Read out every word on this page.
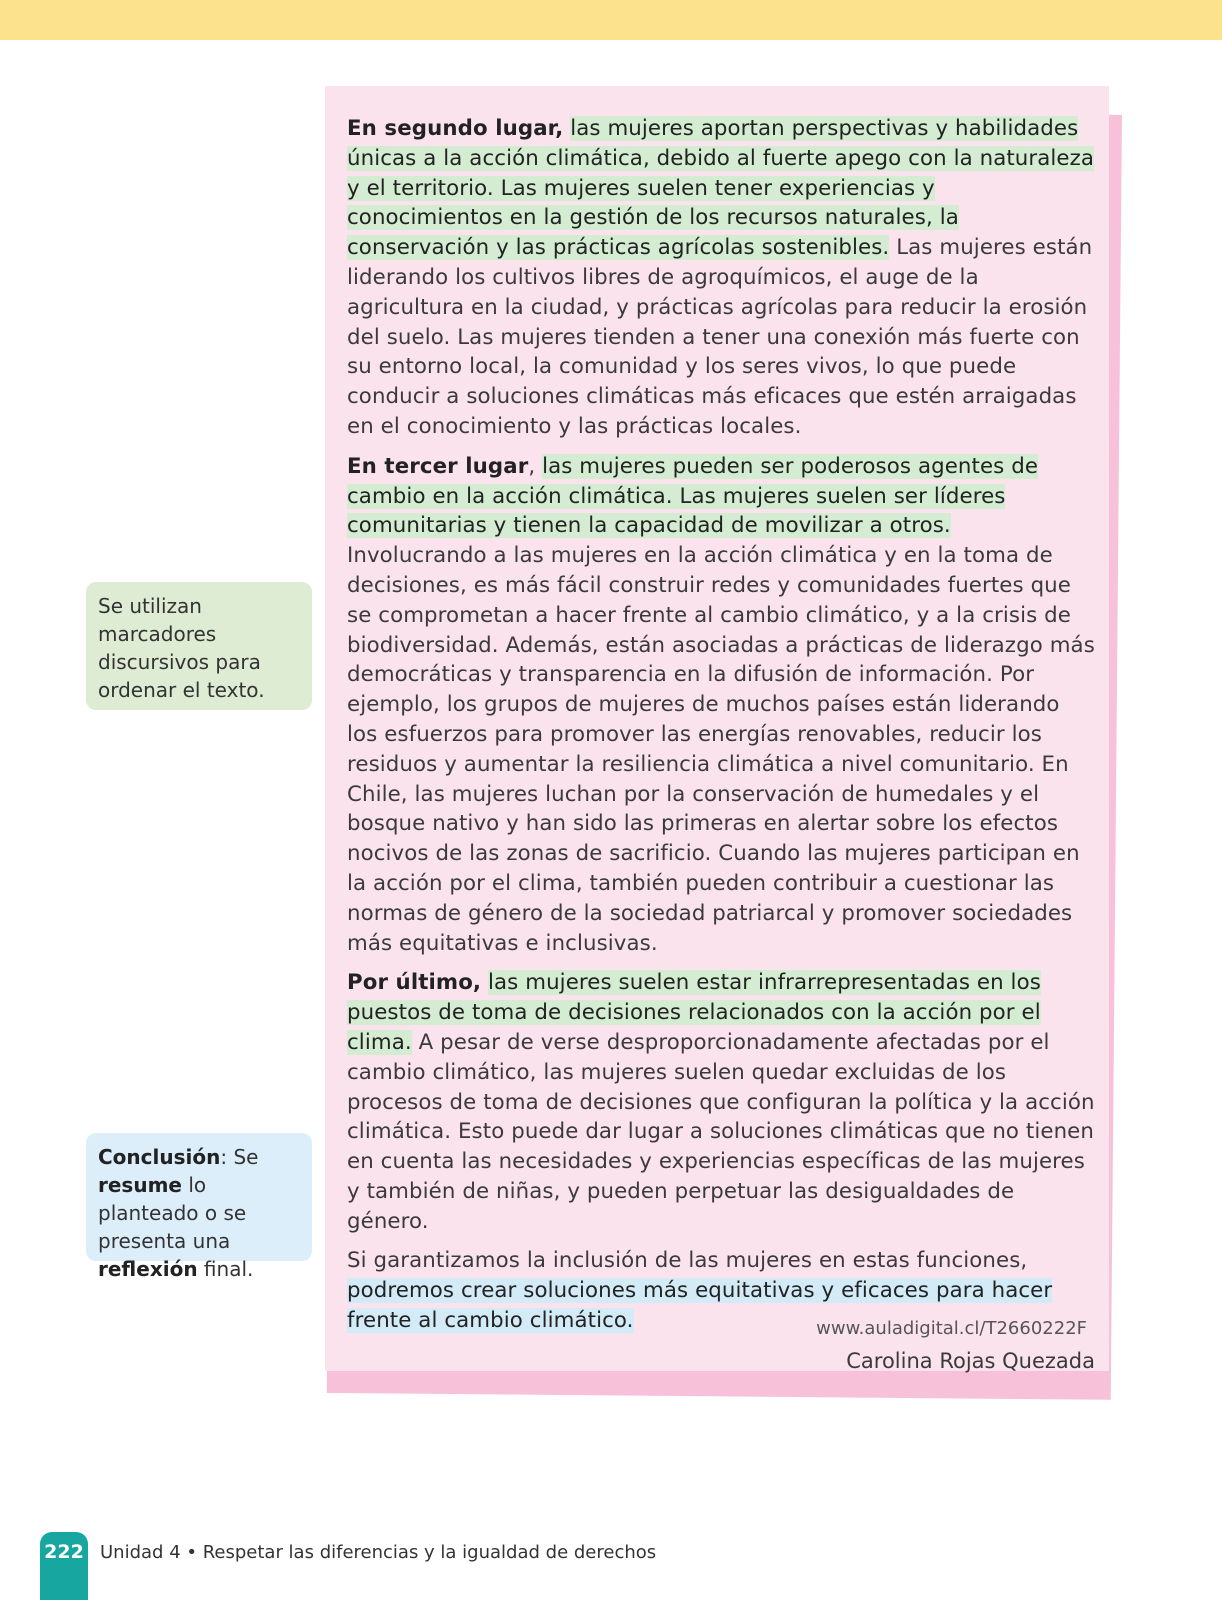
En segundo lugar, las mujeres aportan perspectivas y habilidades únicas a la acción climática, debido al fuerte apego con la naturaleza y el territorio. Las mujeres suelen tener experiencias y conocimientos en la gestión de los recursos naturales, la conservación y las prácticas agrícolas sostenibles. Las mujeres están liderando los cultivos libres de agroquímicos, el auge de la agricultura en la ciudad, y prácticas agrícolas para reducir la erosión del suelo. Las mujeres tienden a tener una conexión más fuerte con su entorno local, la comunidad y los seres vivos, lo que puede conducir a soluciones climáticas más eficaces que estén arraigadas en el conocimiento y las prácticas locales.

En tercer lugar, las mujeres pueden ser poderosos agentes de cambio en la acción climática. Las mujeres suelen ser líderes comunitarias y tienen la capacidad de movilizar a otros. Involucrando a las mujeres en la acción climática y en la toma de decisiones, es más fácil construir redes y comunidades fuertes que se comprometan a hacer frente al cambio climático, y a la crisis de biodiversidad. Además, están asociadas a prácticas de liderazgo más democráticas y transparencia en la difusión de información. Por ejemplo, los grupos de mujeres de muchos países están liderando los esfuerzos para promover las energías renovables, reducir los residuos y aumentar la resiliencia climática a nivel comunitario. En Chile, las mujeres luchan por la conservación de humedales y el bosque nativo y han sido las primeras en alertar sobre los efectos nocivos de las zonas de sacrificio. Cuando las mujeres participan en la acción por el clima, también pueden contribuir a cuestionar las normas de género de la sociedad patriarcal y promover sociedades más equitativas e inclusivas.

Por último, las mujeres suelen estar infrarrepresentadas en los puestos de toma de decisiones relacionados con la acción por el clima. A pesar de verse desproporcionadamente afectadas por el cambio climático, las mujeres suelen quedar excluidas de los procesos de toma de decisiones que configuran la política y la acción climática. Esto puede dar lugar a soluciones climáticas que no tienen en cuenta las necesidades y experiencias específicas de las mujeres y también de niñas, y pueden perpetuar las desigualdades de género.

Si garantizamos la inclusión de las mujeres en estas funciones, podremos crear soluciones más equitativas y eficaces para hacer frente al cambio climático.

Carolina Rojas Quezada
www.auladigital.cl/T2660222F
Se utilizan marcadores discursivos para ordenar el texto.
Conclusión: Se resume lo planteado o se presenta una reflexión final.
222 Unidad 4 • Respetar las diferencias y la igualdad de derechos
